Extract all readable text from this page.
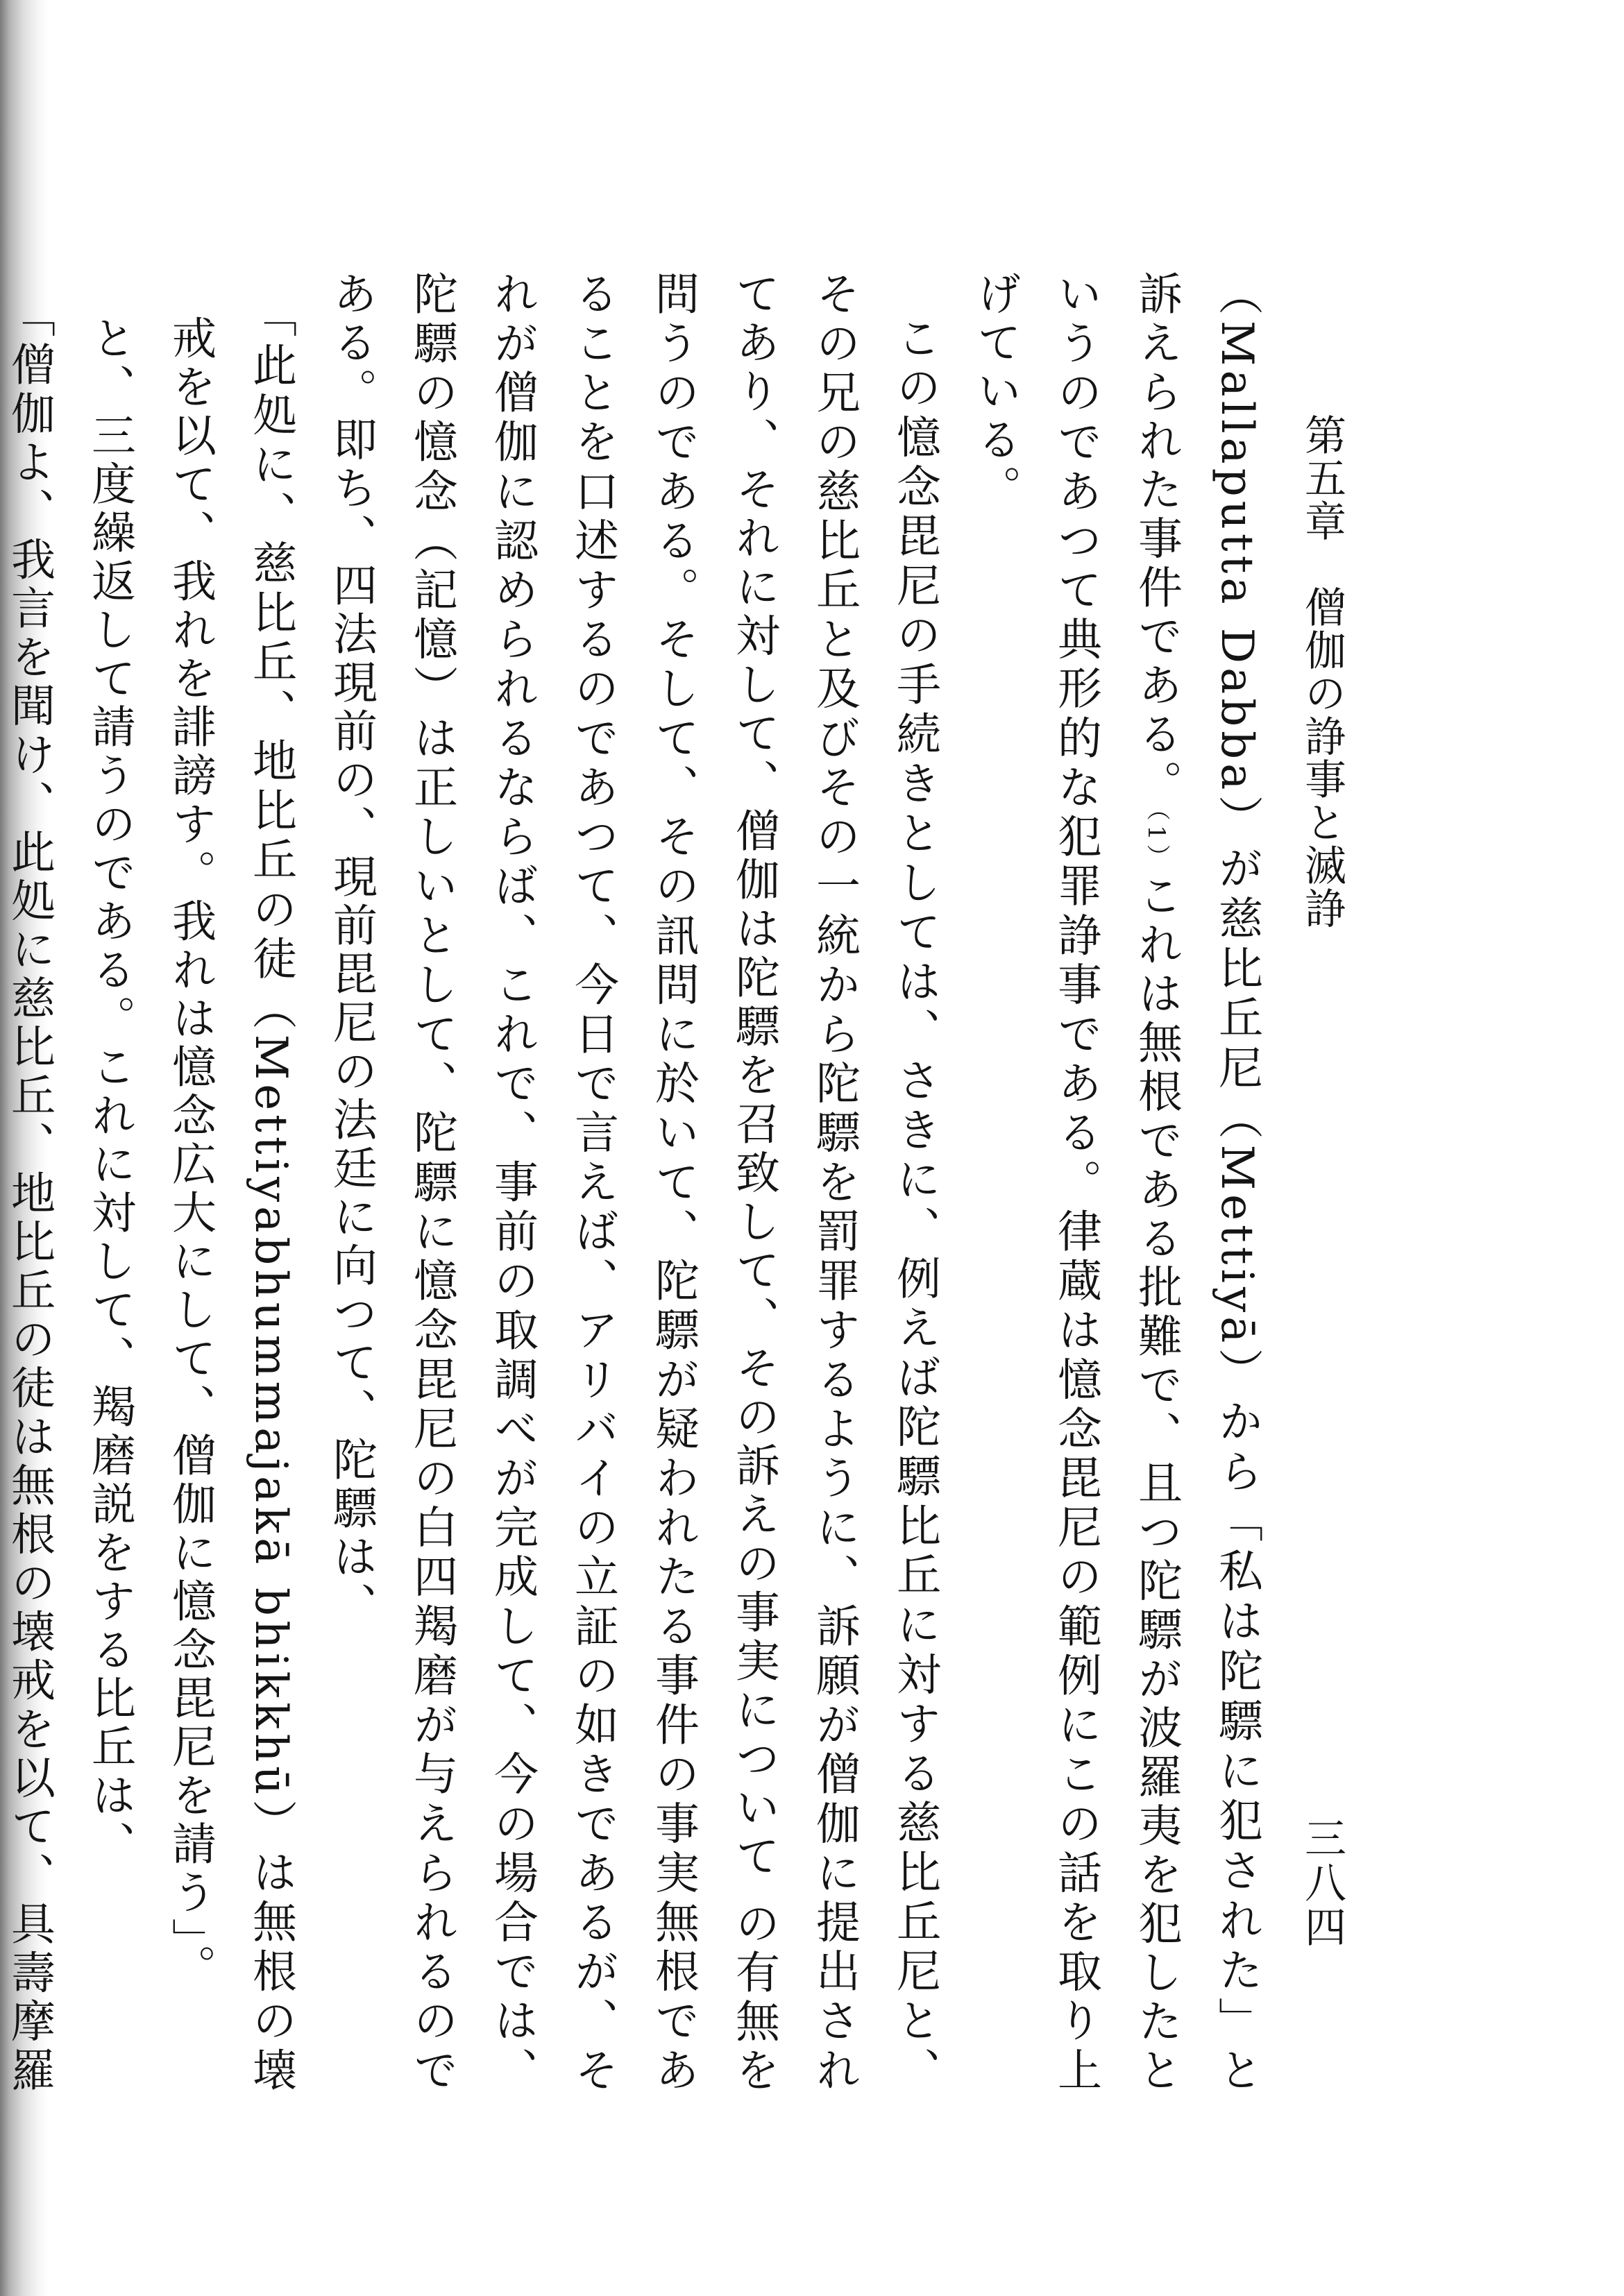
第五章　僧伽の諍事と滅諍
三八四

（Mallaputta Dabba）が慈比丘尼（Mettiyā）から「私は陀驃に犯された」と訴えられた事件である。（1）これは無根である批難で、且つ陀驃が波羅夷を犯したというのであつて典形的な犯罪諍事である。律蔵は憶念毘尼の範例にこの話を取り上げている。

この憶念毘尼の手続きとしては、さきに、例えば陀驃比丘に対する慈比丘尼と、その兄の慈比丘と及びその一統から陀驃を罰罪するように、訴願が僧伽に提出されてあり、それに対して、僧伽は陀驃を召致して、その訴えの事実について の有無を問うのである。そして、その訊問に於いて、陀驃が疑われたる事件の事実無根であることを口述するのであつて、今日で言えば、アリバイの立証の如きであるが、それが僧伽に認められるならば、これで、事前の取調べが完成して、今の場合では、陀驃の憶念（記憶）は正しいとして、陀驃に憶念毘尼の白四羯磨が与えられるのである。即ち、四法現前の、現前毘尼の法廷に向つて、陀驃は、

「此処に、慈比丘、地比丘の徒（Mettiyabhummajakā bhikkhū）は無根の壊戒を以て、我れを誹謗す。我れは憶念広大にして、僧伽に憶念毘尼を請う」。

と、三度繰返して請うのである。これに対して、羯磨説をする比丘は、

「僧伽よ、我言を聞け、此処に慈比丘、地比丘の徒は無根の壊戒を以て、具壽摩羅
